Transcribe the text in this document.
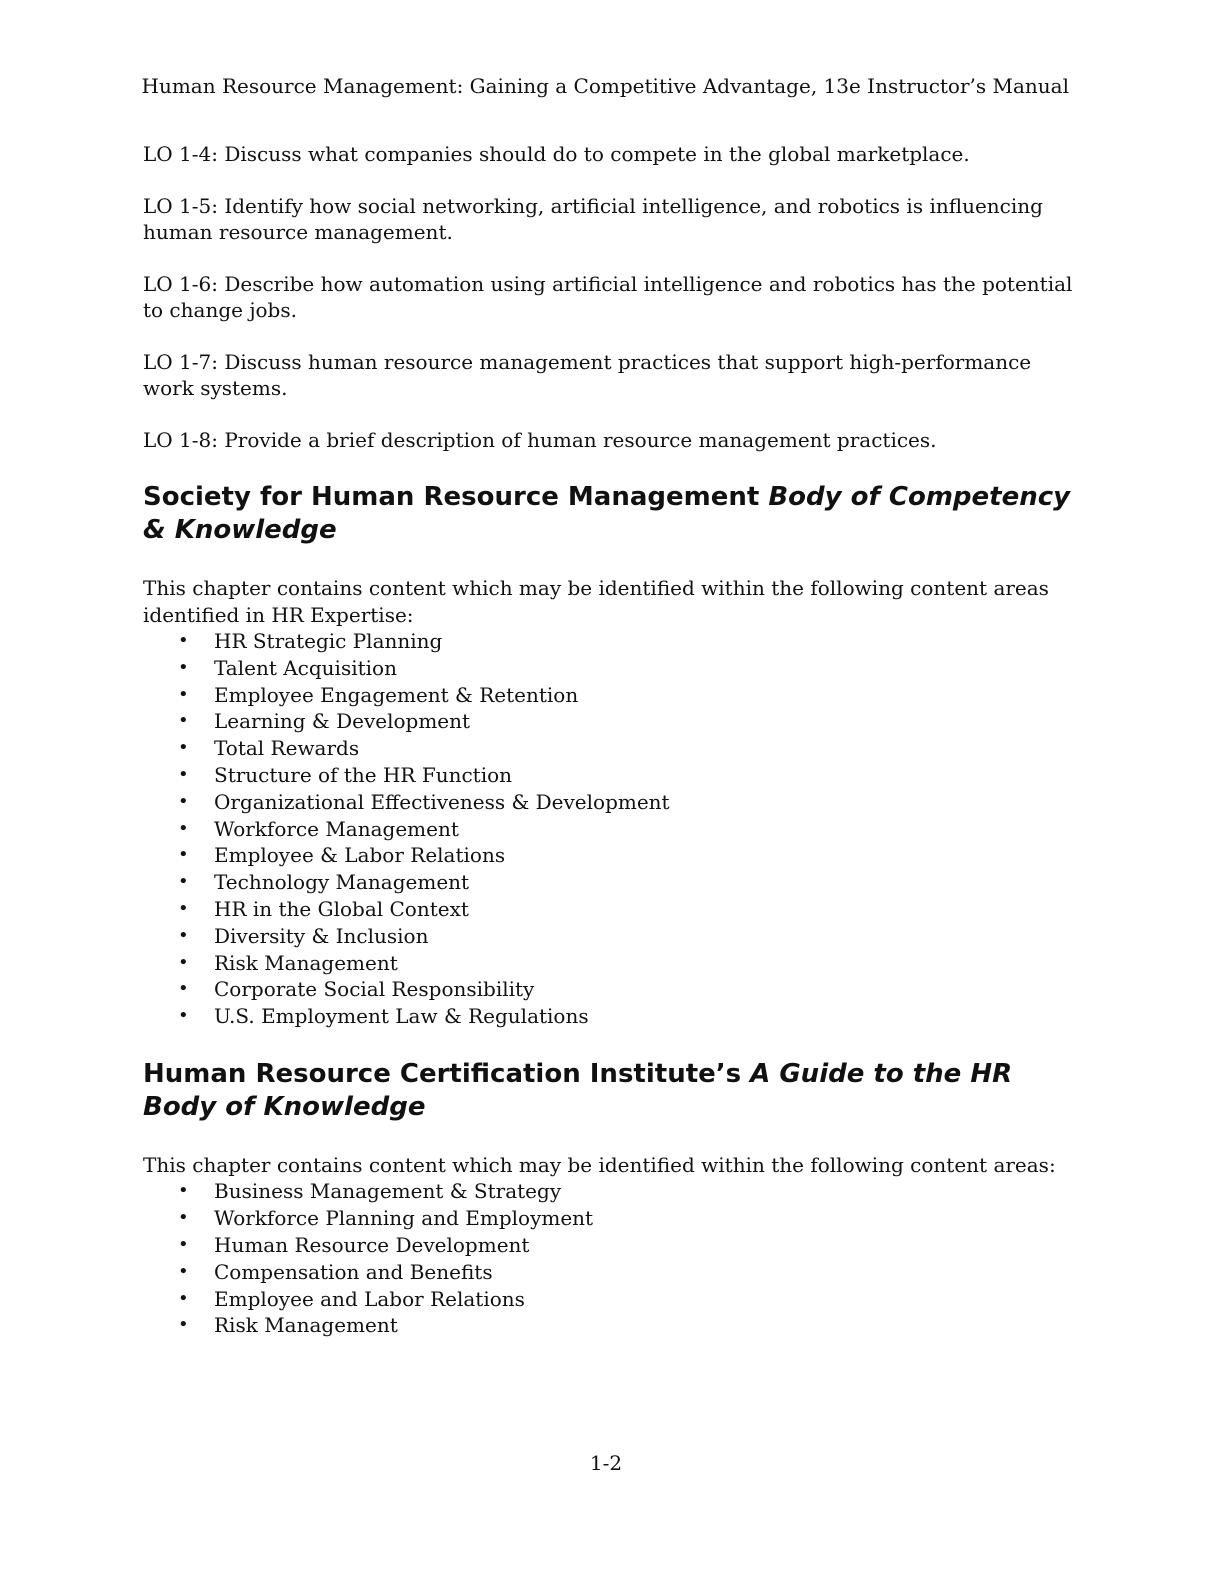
Human Resource Management: Gaining a Competitive Advantage, 13e Instructor’s Manual

LO 1-4: Discuss what companies should do to compete in the global marketplace.

LO 1-5: Identify how social networking, artificial intelligence, and robotics is influencing human resource management.

LO 1-6: Describe how automation using artificial intelligence and robotics has the potential to change jobs.

LO 1-7: Discuss human resource management practices that support high-performance work systems.

LO 1-8: Provide a brief description of human resource management practices.

Society for Human Resource Management Body of Competency & Knowledge

This chapter contains content which may be identified within the following content areas identified in HR Expertise:

• HR Strategic Planning
• Talent Acquisition
• Employee Engagement & Retention
• Learning & Development
• Total Rewards
• Structure of the HR Function
• Organizational Effectiveness & Development
• Workforce Management
• Employee & Labor Relations
• Technology Management
• HR in the Global Context
• Diversity & Inclusion
• Risk Management
• Corporate Social Responsibility
• U.S. Employment Law & Regulations
Human Resource Certification Institute’s A Guide to the HR Body of Knowledge

This chapter contains content which may be identified within the following content areas:

• Business Management & Strategy
• Workforce Planning and Employment
• Human Resource Development
• Compensation and Benefits
• Employee and Labor Relations
• Risk Management
1-2
